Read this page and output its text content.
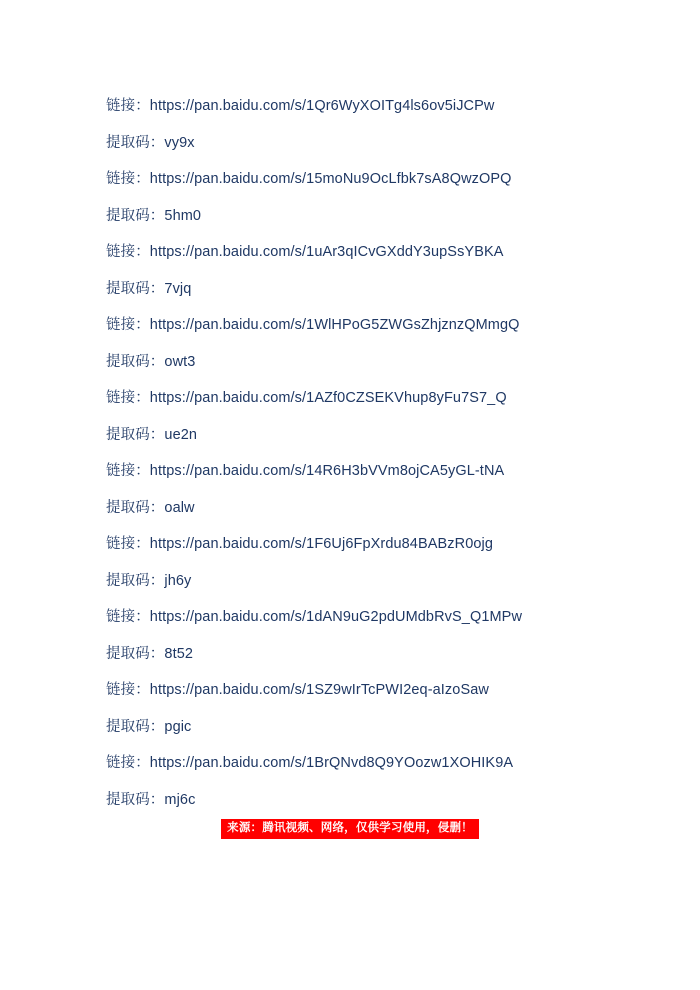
链接：https://pan.baidu.com/s/1Qr6WyXOITg4ls6ov5iJCPw
提取码：vy9x
链接：https://pan.baidu.com/s/15moNu9OcLfbk7sA8QwzOPQ
提取码：5hm0
链接：https://pan.baidu.com/s/1uAr3qICvGXddY3upSsYBKA
提取码：7vjq
链接：https://pan.baidu.com/s/1WlHPoG5ZWGsZhjznzQMmgQ
提取码：owt3
链接：https://pan.baidu.com/s/1AZf0CZSEKVhup8yFu7S7_Q
提取码：ue2n
链接：https://pan.baidu.com/s/14R6H3bVVm8ojCA5yGL-tNA
提取码：oalw
链接：https://pan.baidu.com/s/1F6Uj6FpXrdu84BABzR0ojg
提取码：jh6y
链接：https://pan.baidu.com/s/1dAN9uG2pdUMdbRvS_Q1MPw
提取码：8t52
链接：https://pan.baidu.com/s/1SZ9wIrTcPWI2eq-aIzoSaw
提取码：pgic
链接：https://pan.baidu.com/s/1BrQNvd8Q9YOozw1XOHIK9A
提取码：mj6c
来源：腾讯视频、网络，仅供学习使用，侵删！
